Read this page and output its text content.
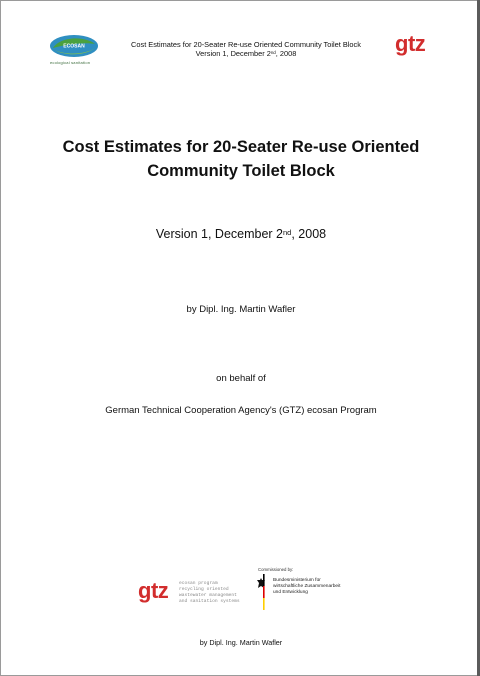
ECOSAN
ecological sanitation
Cost Estimates for 20-Seater Re-use Oriented Community Toilet Block
Version 1, December 2nd, 2008	gtz
Cost Estimates for 20-Seater Re-use Oriented
Community Toilet Block
Version 1, December 2nd, 2008
by Dipl. Ing. Martin Wafler
on behalf of
German Technical Cooperation Agency's (GTZ) ecosan Program
gtz ecosan program
recycling oriented
wastewater management
and sanitation systems
Commissioned by:
Bundesministerium für
wirtschaftliche Zusammenarbeit
und Entwicklung
by Dipl. Ing. Martin Wafler
